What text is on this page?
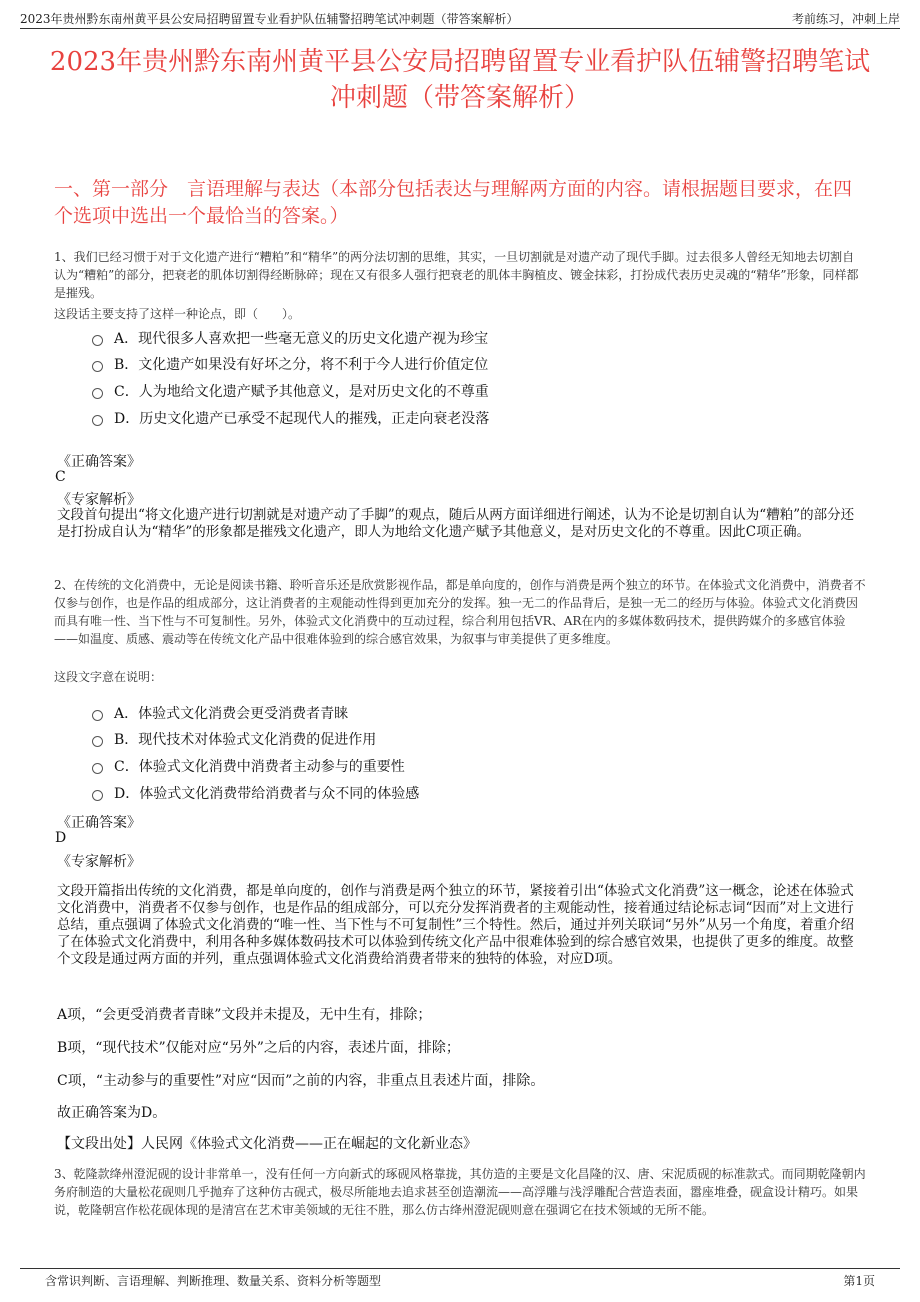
2023年贵州黔东南州黄平县公安局招聘留置专业看护队伍辅警招聘笔试冲刺题（带答案解析）	考前练习，冲刺上岸
2023年贵州黔东南州黄平县公安局招聘留置专业看护队伍辅警招聘笔试冲刺题（带答案解析）
一、第一部分　言语理解与表达（本部分包括表达与理解两方面的内容。请根据题目要求，在四个选项中选出一个最恰当的答案。）
1、我们已经习惯于对于文化遗产进行“糟粕”和“精华”的两分法切割的思维，其实，一旦切割就是对遗产动了现代手脚。过去很多人曾经无知地去切割自认为“糟粕”的部分，把衰老的肌体切割得经断脉碎；现在又有很多人强行把衰老的肌体丰胸植皮、镀金抹彩，打扮成代表历史灵魂的“精华”形象，同样都是摧残。
这段话主要支持了这样一种论点，即（　　）。
A．现代很多人喜欢把一些毫无意义的历史文化遗产视为珍宝
B．文化遗产如果没有好坏之分，将不利于今人进行价值定位
C．人为地给文化遗产赋予其他意义，是对历史文化的不尊重
D．历史文化遗产已承受不起现代人的摧残，正走向衰老没落
《正确答案》
C
《专家解析》
文段首句提出“将文化遗产进行切割就是对遗产动了手脚”的观点，随后从两方面详细进行阐述，认为不论是切割自认为“糟粕”的部分还是打扮成自认为“精华”的形象都是摧残文化遗产，即人为地给文化遗产赋予其他意义，是对历史文化的不尊重。因此C项正确。
2、在传统的文化消费中，无论是阅读书籍、聆听音乐还是欣赏影视作品，都是单向度的，创作与消费是两个独立的环节。在体验式文化消费中，消费者不仅参与创作，也是作品的组成部分，这让消费者的主观能动性得到更加充分的发挥。独一无二的作品背后，是独一无二的经历与体验。体验式文化消费因而具有唯一性、当下性与不可复制性。另外，体验式文化消费中的互动过程，综合利用包括VR、AR在内的多媒体数码技术，提供跨媒介的多感官体验——如温度、质感、震动等在传统文化产品中很难体验到的综合感官效果，为叙事与审美提供了更多维度。
这段文字意在说明：
A．体验式文化消费会更受消费者青睐
B．现代技术对体验式文化消费的促进作用
C．体验式文化消费中消费者主动参与的重要性
D．体验式文化消费带给消费者与众不同的体验感
《正确答案》
D
《专家解析》
文段开篇指出传统的文化消费，都是单向度的，创作与消费是两个独立的环节，紧接着引出“体验式文化消费”这一概念，论述在体验式文化消费中，消费者不仅参与创作，也是作品的组成部分，可以充分发挥消费者的主观能动性，接着通过结论标志词“因而”对上文进行总结，重点强调了体验式文化消费的“唯一性、当下性与不可复制性”三个特性。然后，通过并列关联词“另外”从另一个角度，着重介绍了在体验式文化消费中，利用各种多媒体数码技术可以体验到传统文化产品中很难体验到的综合感官效果，也提供了更多的维度。故整个文段是通过两方面的并列，重点强调体验式文化消费给消费者带来的独特的体验，对应D项。
A项，“会更受消费者青睐”文段并未提及，无中生有，排除；
B项，“现代技术”仅能对应“另外”之后的内容，表述片面，排除；
C项，“主动参与的重要性”对应“因而”之前的内容，非重点且表述片面，排除。
故正确答案为D。
【文段出处】人民网《体验式文化消费——正在崛起的文化新业态》
3、乾隆款绛州澄泥砚的设计非常单一，没有任何一方向新式的琢砚风格靠拢，其仿造的主要是文化昌隆的汉、唐、宋泥质砚的标准款式。而同期乾隆朝内务府制造的大量松花砚则几乎抛弃了这种仿古砚式，极尽所能地去追求甚至创造潮流——高浮雕与浅浮雕配合营造表面，嚣座堆叠，砚盒设计精巧。如果说，乾隆朝宫作松花砚体现的是清宫在艺术审美领域的无往不胜，那么仿古绛州澄泥砚则意在强调它在技术领域的无所不能。
含常识判断、言语理解、判断推理、数量关系、资料分析等题型	第1页
